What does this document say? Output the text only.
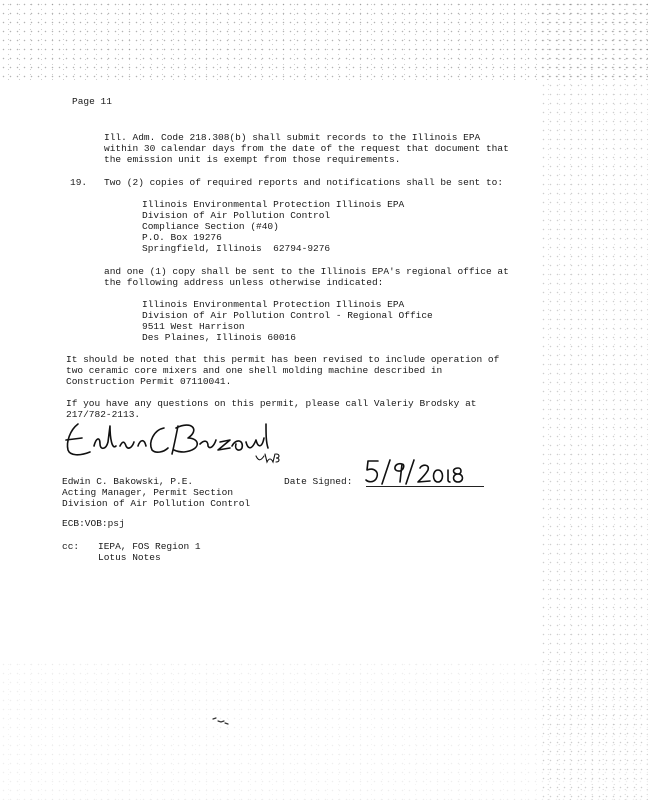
Page 11
Ill. Adm. Code 218.308(b) shall submit records to the Illinois EPA
within 30 calendar days from the date of the request that document that
the emission unit is exempt from those requirements.
19. Two (2) copies of required reports and notifications shall be sent to:
Illinois Environmental Protection Illinois EPA
Division of Air Pollution Control
Compliance Section (#40)
P.O. Box 19276
Springfield, Illinois  62794-9276
and one (1) copy shall be sent to the Illinois EPA's regional office at
the following address unless otherwise indicated:
Illinois Environmental Protection Illinois EPA
Division of Air Pollution Control - Regional Office
9511 West Harrison
Des Plaines, Illinois 60016
It should be noted that this permit has been revised to include operation of
two ceramic core mixers and one shell molding machine described in
Construction Permit 07110041.
If you have any questions on this permit, please call Valeriy Brodsky at
217/782-2113.
Edwin C. Bakowski, P.E.
Acting Manager, Permit Section
Division of Air Pollution Control
Date Signed:
ECB:VOB:psj
cc: IEPA, FOS Region 1
Lotus Notes
